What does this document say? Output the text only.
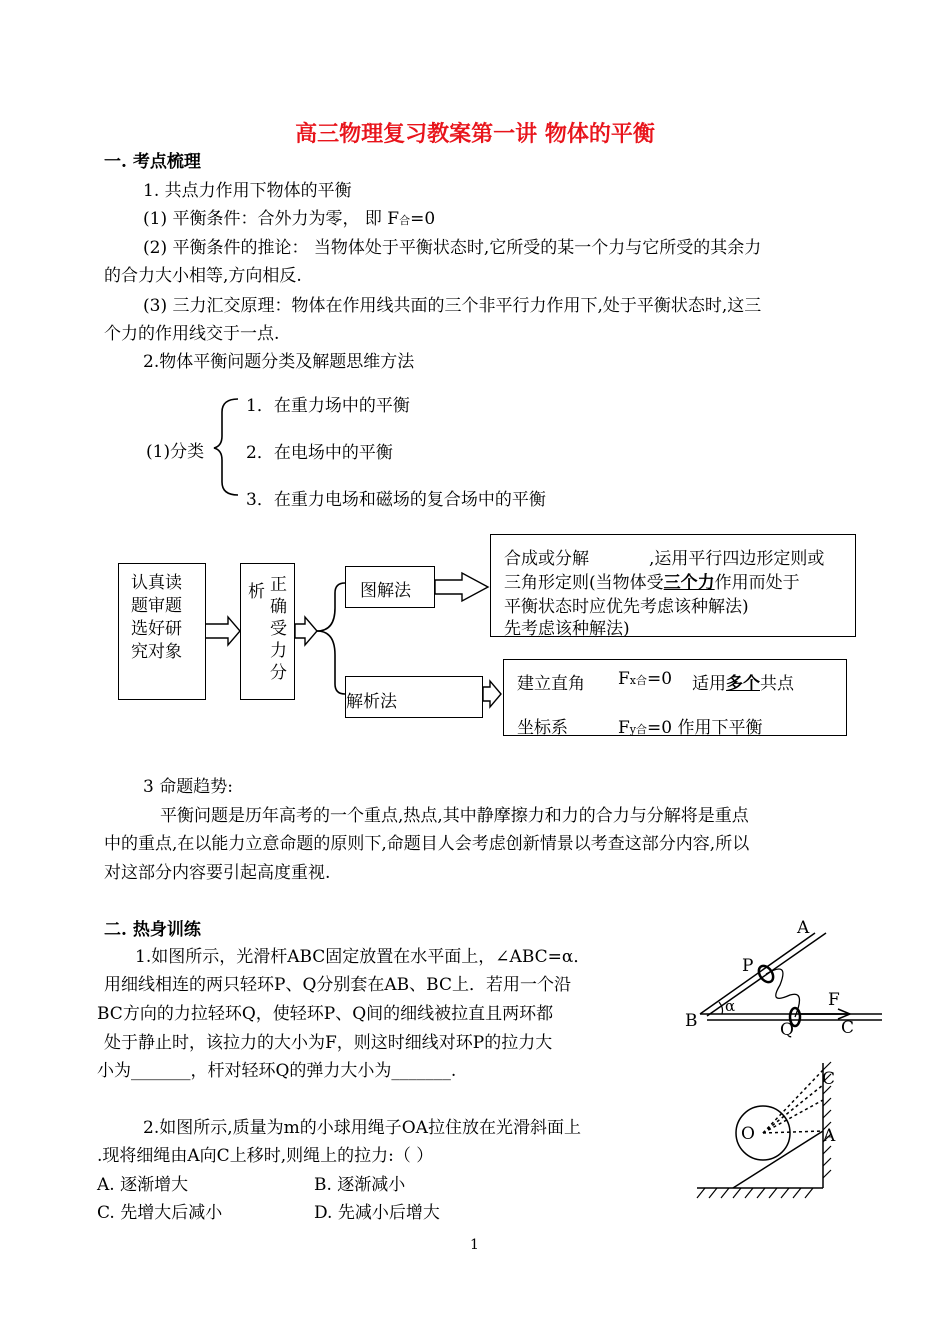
高三物理复习教案第一讲 物体的平衡
一. 考点梳理
1. 共点力作用下物体的平衡
(1) 平衡条件：合外力为零， 即 F合=0
(2) 平衡条件的推论： 当物体处于平衡状态时,它所受的某一个力与它所受的其余力
的合力大小相等,方向相反.
(3) 三力汇交原理：物体在作用线共面的三个非平行力作用下,处于平衡状态时,这三
个力的作用线交于一点.
2.物体平衡问题分类及解题思维方法
(1)分类
1．在重力场中的平衡
2．在电场中的平衡
3．在重力电场和磁场的复合场中的平衡
认真读
题审题
选好研
究对象
正确受力分
析	图解法
解析法
合成或分解	,运用平行四边形定则或
三角形定则(当物体受三个力作用而处于
平衡状态时应优先考虑该种解法)
先考虑该种解法)
建立直角
坐标系
Fx合=0
Fy合=0 作用下平衡
适用多个共点
3 命题趋势:
平衡问题是历年高考的一个重点,热点,其中静摩擦力和力的合力与分解将是重点
中的重点,在以能力立意命题的原则下,命题目人会考虑创新情景以考查这部分内容,所以
对这部分内容要引起高度重视.
二. 热身训练
1.如图所示，光滑杆ABC固定放置在水平面上，∠ABC=α．
用细线相连的两只轻环P、Q分别套在AB、BC上．若用一个沿
BC方向的力拉轻环Q，使轻环P、Q间的细线被拉直且两环都
处于静止时，该拉力的大小为F，则这时细线对环P的拉力大
小为_______，杆对轻环Q的弹力大小为_______.
2.如图所示,质量为m的小球用绳子OA拉住放在光滑斜面上
.现将细绳由A向C上移时,则绳上的拉力:（ ）
A. 逐渐增大	B. 逐渐减小
C. 先增大后减小	D. 先减小后增大
A
P
α	F
B	Q	C
C
O	A
1
